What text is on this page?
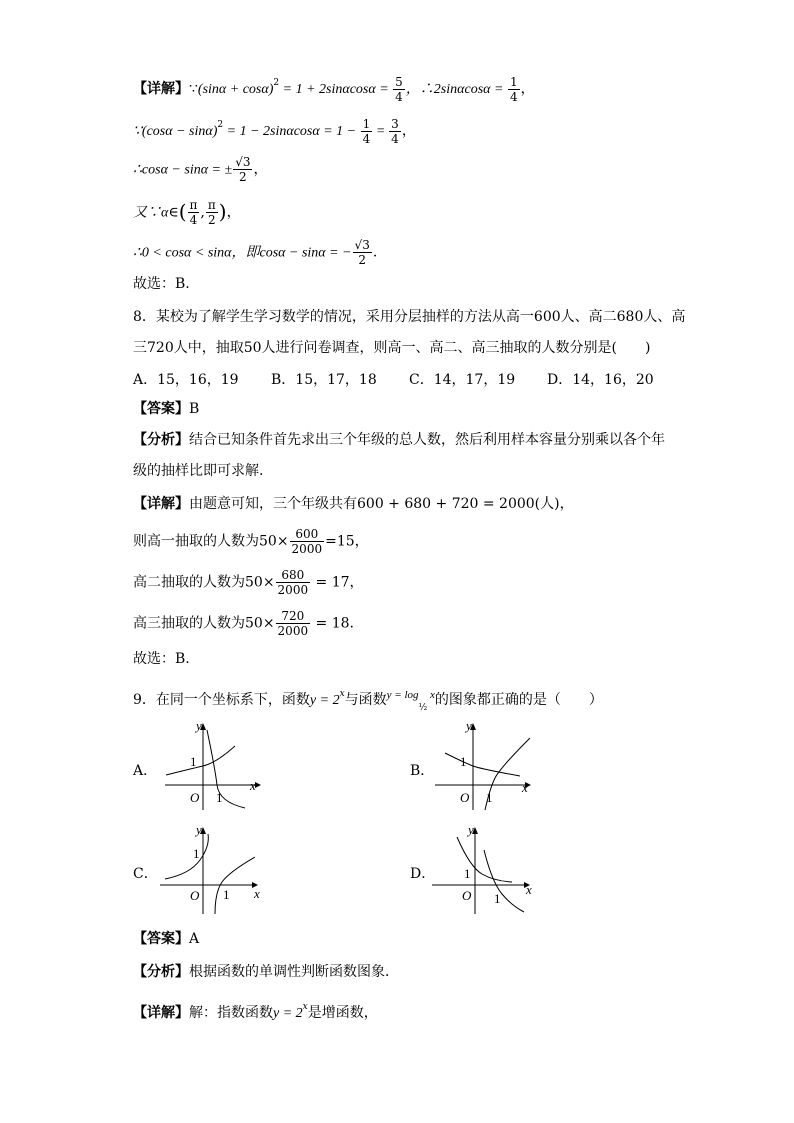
【详解】∵(sinα + $\cos\alpha)^2 = 1 + 2\sin\alpha\cos\alpha = \frac{5}{4}$ ，∴2sinαcosα = $\frac{1}{4}$ ，
∵(cosα − $\sin\alpha)^2 = 1 - 2\sin\alpha\cos\alpha = 1 - \frac{1}{4} = \frac{3}{4}$ ，
∴cosα − sinα = ± $\frac{√3}{2}$ ，
又∵α∈( $\frac{\pi}{4}$ , $\frac{\pi}{2}$ )，
∴0 < cosα < sinα，即cosα − sinα = − $\frac{√3}{2}$ .
故选：B.
8．某校为了解学生学习数学的情况，采用分层抽样的方法从高一600人、高二680人、高
三720人中，抽取50人进行问卷调查，则高一、高二、高三抽取的人数分别是(　　)
A．15，16，19 B．15，17，18 C．14，17，19 D．14，16，20
【答案】B
【分析】结合已知条件首先求出三个年级的总人数，然后利用样本容量分别乘以各个年
级的抽样比即可求解.
【详解】由题意可知，三个年级共有600 + 680 + 720 = 2000(人)，
则高一抽取的人数为$50\times \frac{600}{2000} =15$，
高二抽取的人数为$50\times \frac{680}{2000} = 17$，
高三抽取的人数为$50\times \frac{720}{2000} = 18$.
故选：B.
9．在同一个坐标系下，函数$y = 2^x$与函数$^{y = log}_{\frac{1}{2}}$ $^x$的图象都正确的是（　　）
A．	B．
C．	D．
1
1
O
y
x
1
1
O
y
x
1
1
O
y
x
1
1
O
y
x
【答案】A
【分析】根据函数的单调性判断函数图象．
【详解】解：指数函数$y = 2^x$是增函数，
